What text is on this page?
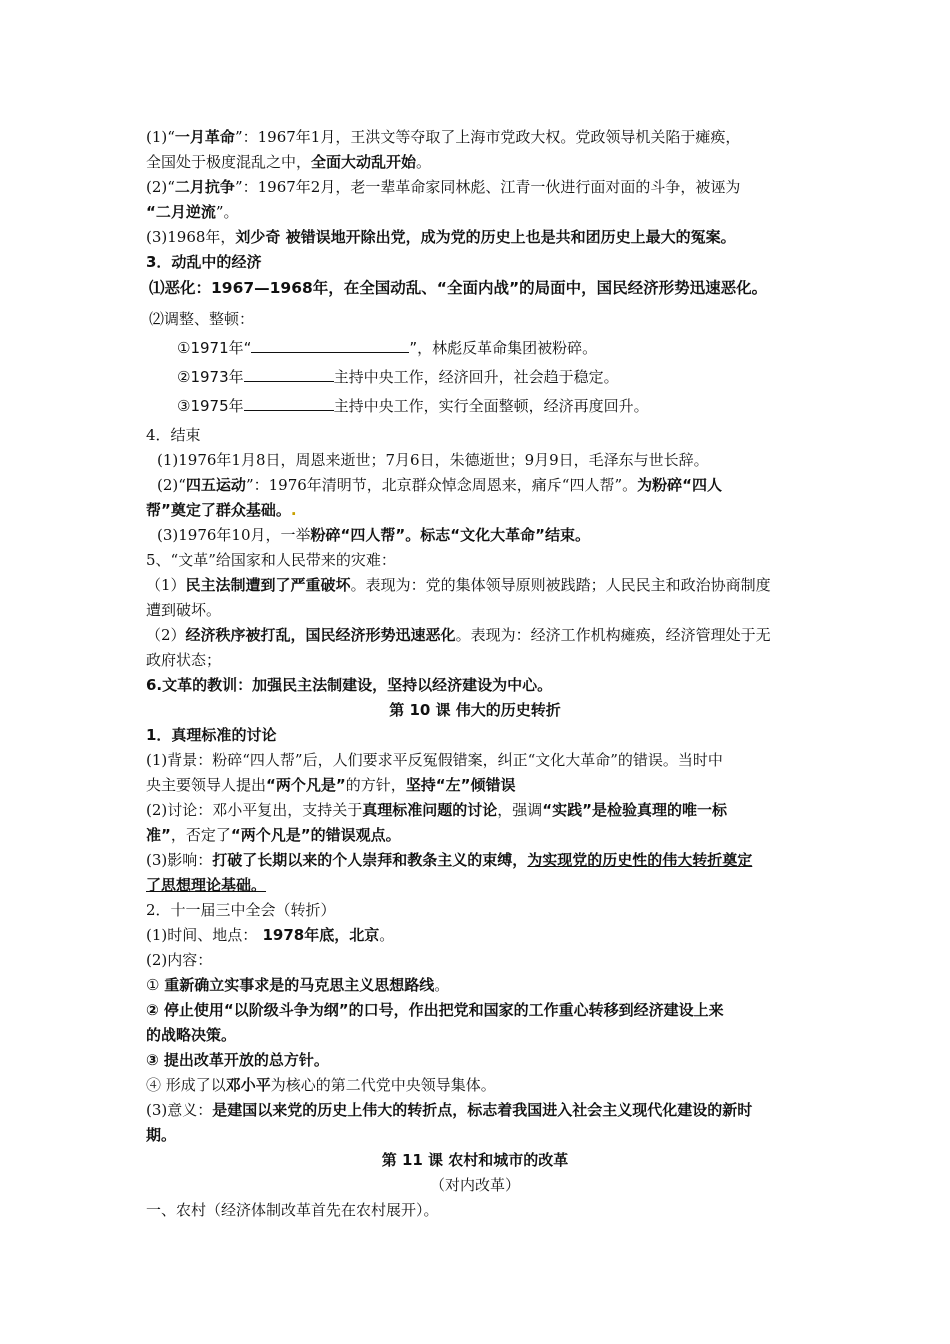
(1)“一月革命”：1967年1月，王洪文等夺取了上海市党政大权。党政领导机关陷于瘫痪，
全国处于极度混乱之中，全面大动乱开始。
(2)“二月抗争”：1967年2月，老一辈革命家同林彪、江青一伙进行面对面的斗争，被诬为
“二月逆流”。
(3)1968年，刘少奇 被错误地开除出党，成为党的历史上也是共和团历史上最大的冤案。
3．动乱中的经济
⑴恶化：1967—1968年，在全国动乱、“全面内战”的局面中，国民经济形势迅速恶化。
⑵调整、整顿：
①1971年“	”，林彪反革命集团被粉碎。
②1973年	主持中央工作，经济回升，社会趋于稳定。
③1975年	主持中央工作，实行全面整顿，经济再度回升。
4．结束
(1)1976年1月8日，周恩来逝世；7月6日，朱德逝世；9月9日，毛泽东与世长辞。
(2)“四五运动”：1976年清明节，北京群众悼念周恩来，痛斥“四人帮”。为粉碎“四人
帮”奠定了群众基础。.
(3)1976年10月，一举粉碎“四人帮”。标志“文化大革命”结束。
5、“文革”给国家和人民带来的灾难：
（1）民主法制遭到了严重破坏。表现为：党的集体领导原则被践踏；人民民主和政治协商制度
遭到破坏。
（2）经济秩序被打乱，国民经济形势迅速恶化。表现为：经济工作机构瘫痪，经济管理处于无
政府状态；
6.文革的教训：加强民主法制建设，坚持以经济建设为中心。
第 10 课 伟大的历史转折
1．真理标准的讨论
(1)背景：粉碎“四人帮”后，人们要求平反冤假错案，纠正“文化大革命”的错误。当时中
央主要领导人提出“两个凡是”的方针，坚持“左”倾错误
(2)讨论：邓小平复出，支持关于真理标准问题的讨论，强调“实践”是检验真理的唯一标
准”，否定了“两个凡是”的错误观点。
(3)影响：打破了长期以来的个人崇拜和教条主义的束缚，为实现党的历史性的伟大转折奠定
了思想理论基础。
2．十一届三中全会（转折）
(1)时间、地点： 1978年底，北京。
(2)内容：
① 重新确立实事求是的马克思主义思想路线。
② 停止使用“以阶级斗争为纲”的口号，作出把党和国家的工作重心转移到经济建设上来
的战略决策。
③ 提出改革开放的总方针。
④ 形成了以邓小平为核心的第二代党中央领导集体。
(3)意义：是建国以来党的历史上伟大的转折点，标志着我国进入社会主义现代化建设的新时
期。
第 11 课 农村和城市的改革
（对内改革）
一、农村（经济体制改革首先在农村展开）。
